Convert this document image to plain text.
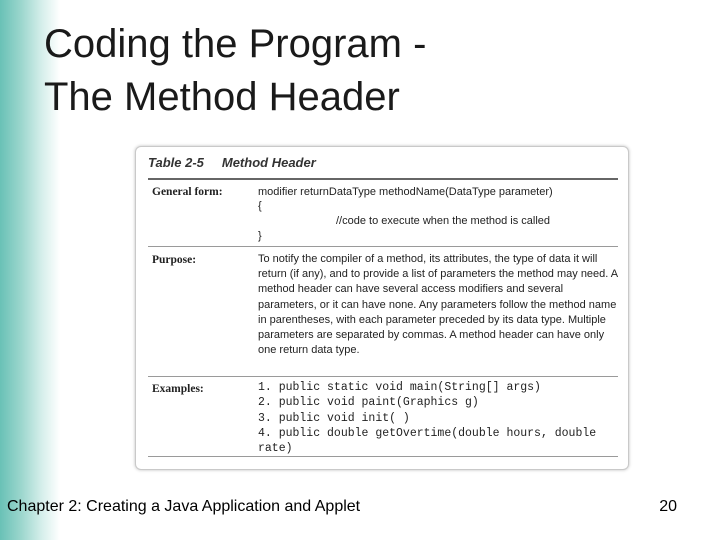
Coding the Program -
The Method Header
Table 2-5 Method Header
General form:	modifier returnDataType methodName(DataType parameter)
{
//code to execute when the method is called
}
Purpose:	To notify the compiler of a method, its attributes, the type of data it will return (if any), and to provide a list of parameters the method may need. A method header can have several access modifiers and several parameters, or it can have none. Any parameters follow the method name in parentheses, with each parameter preceded by its data type. Multiple parameters are separated by commas. A method header can have only one return data type.
Examples:	1. public static void main(String[] args)
2. public void paint(Graphics g)
3. public void init( )
4. public double getOvertime(double hours, double
rate)
Chapter 2: Creating a Java Application and Applet	20
